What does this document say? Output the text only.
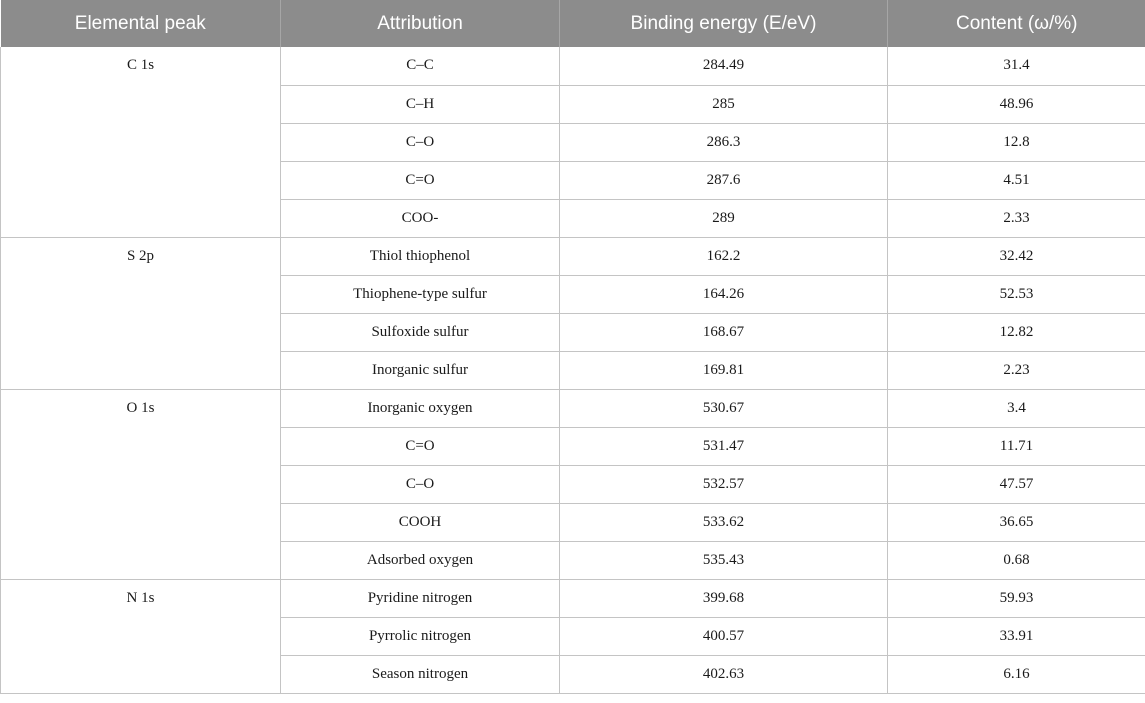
Elemental peak	Attribution	Binding energy (E/eV)	Content (ω/%)
C 1s	C–C	284.49	31.4
	C–H	285	48.96
	C–O	286.3	12.8
	C=O	287.6	4.51
	COO-	289	2.33
S 2p	Thiol thiophenol	162.2	32.42
	Thiophene-type sulfur	164.26	52.53
	Sulfoxide sulfur	168.67	12.82
	Inorganic sulfur	169.81	2.23
O 1s	Inorganic oxygen	530.67	3.4
	C=O	531.47	11.71
	C–O	532.57	47.57
	COOH	533.62	36.65
	Adsorbed oxygen	535.43	0.68
N 1s	Pyridine nitrogen	399.68	59.93
	Pyrrolic nitrogen	400.57	33.91
	Season nitrogen	402.63	6.16
